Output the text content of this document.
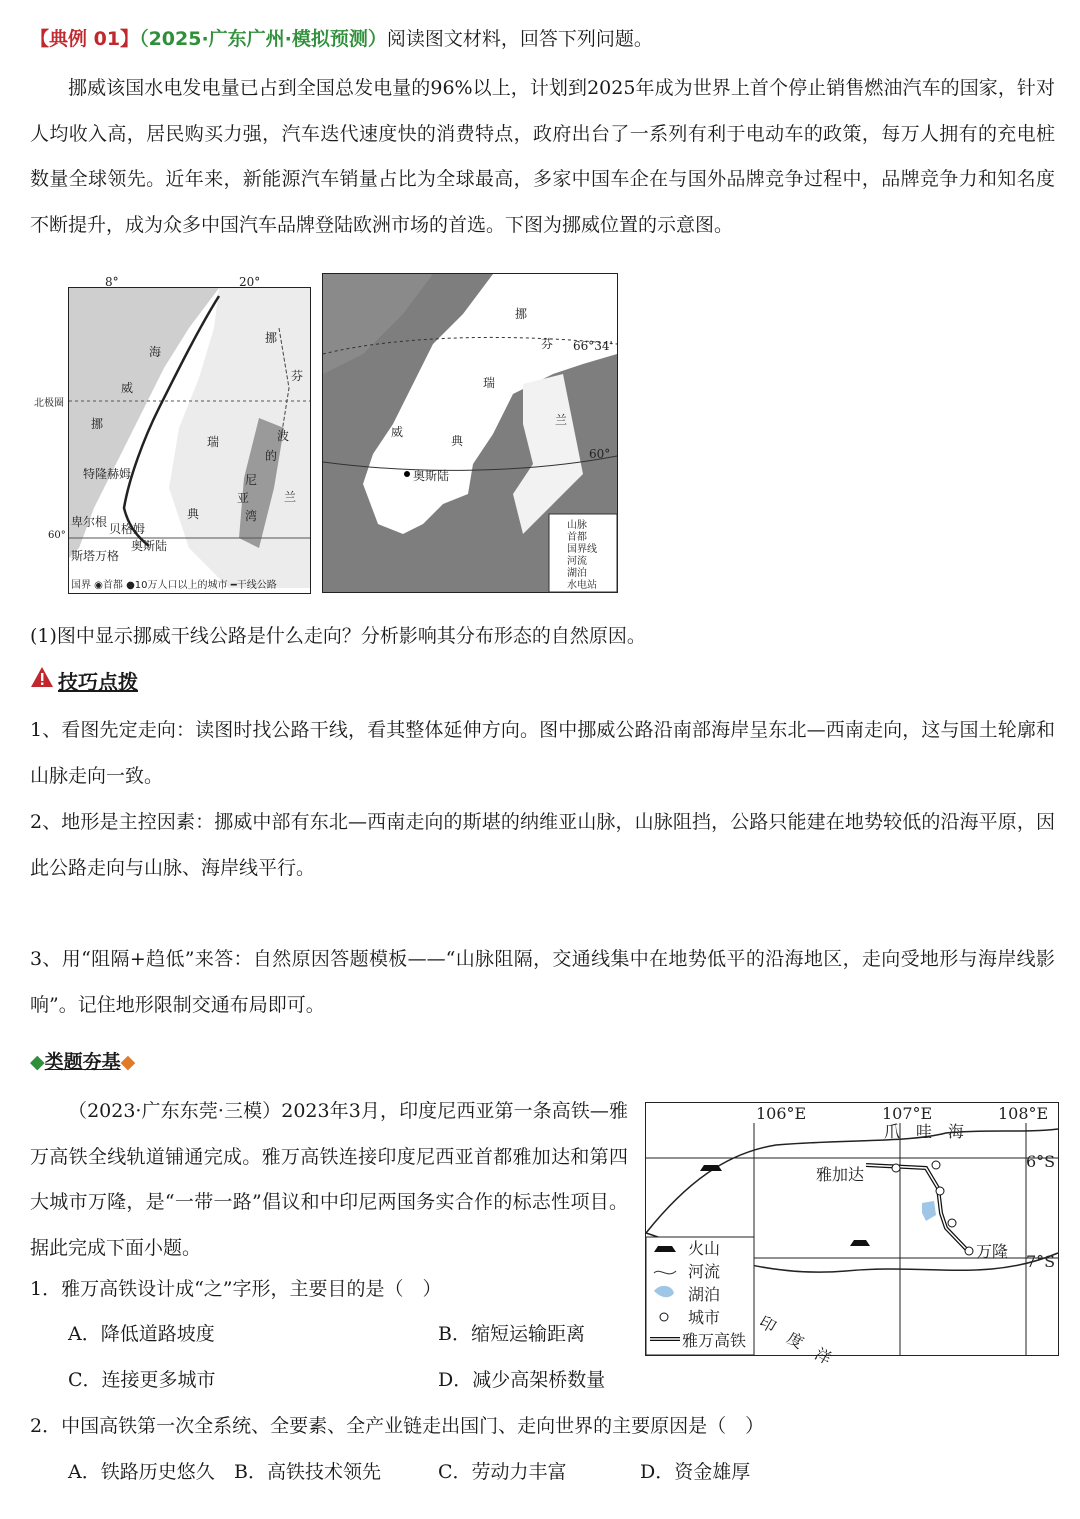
【典例 01】（2025·广东广州·模拟预测）阅读图文材料，回答下列问题。
挪威该国水电发电量已占到全国总发电量的96%以上，计划到2025年成为世界上首个停止销售燃油汽车的国家，针对人均收入高，居民购买力强，汽车迭代速度快的消费特点，政府出台了一系列有利于电动车的政策，每万人拥有的充电桩数量全球领先。近年来，新能源汽车销量占比为全球最高，多家中国车企在与国外品牌竞争过程中，品牌竞争力和知名度不断提升，成为众多中国汽车品牌登陆欧洲市场的首选。下图为挪威位置的示意图。
海
威
挪
瑞
典
芬
兰
波
的
尼
亚
湾
挪
特隆赫姆
卑尔根
斯塔万格
贝格姆
奥斯陆
8°	20°
国界 ◉首都 ●10万人口以上的城市 ━干线公路
北极圈
60°
挪
芬
瑞
兰
典
威
奥斯陆
66°34'
60°
山脉
首都
国界线
河流
湖泊
水电站
(1)图中显示挪威干线公路是什么走向？分析影响其分布形态的自然原因。
技巧点拨
1、看图先定走向：读图时找公路干线，看其整体延伸方向。图中挪威公路沿南部海岸呈东北—西南走向，这与国土轮廓和山脉走向一致。
2、地形是主控因素：挪威中部有东北—西南走向的斯堪的纳维亚山脉，山脉阻挡，公路只能建在地势较低的沿海平原，因此公路走向与山脉、海岸线平行。
3、用“阻隔+趋低”来答：自然原因答题模板——“山脉阻隔，交通线集中在地势低平的沿海地区，走向受地形与海岸线影响”。记住地形限制交通布局即可。
◆类题夯基◆
（2023·广东东莞·三模）2023年3月，印度尼西亚第一条高铁—雅万高铁全线轨道铺通完成。雅万高铁连接印度尼西亚首都雅加达和第四大城市万隆，是“一带一路”倡议和中印尼两国务实合作的标志性项目。据此完成下面小题。
1．雅万高铁设计成“之”字形，主要目的是（　）
A．降低道路坡度	B．缩短运输距离
C．连接更多城市	D．减少高架桥数量
2．中国高铁第一次全系统、全要素、全产业链走出国门、走向世界的主要原因是（　）
A．铁路历史悠久 B．高铁技术领先	C．劳动力丰富	D．资金雄厚
106°E	107°E	108°E
6°S
7°S
爪　哇　海
雅加达
万隆
印　度　洋
火山
河流
湖泊
城市
雅万高铁
